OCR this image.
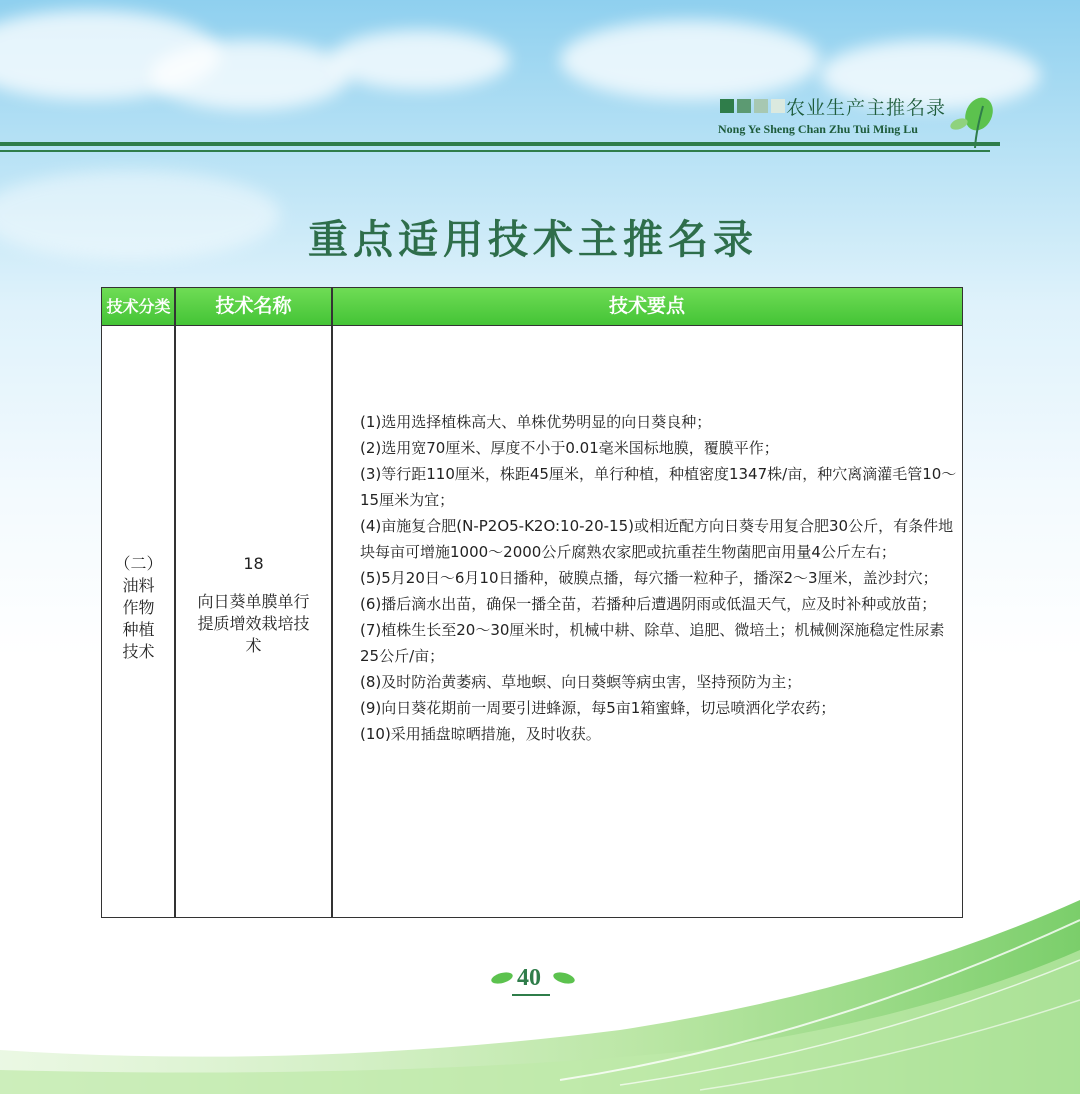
农业生产主推名录
Nong Ye Sheng Chan Zhu Tui Ming Lu
重点适用技术主推名录
技术分类	技术名称	技术要点
（二）
油料
作物
种植
技术
18
向日葵单膜单行提质增效栽培技术

(1)选用选择植株高大、单株优势明显的向日葵良种；

(2)选用宽70厘米、厚度不小于0.01毫米国标地膜，覆膜平作；

(3)等行距110厘米，株距45厘米，单行种植，种植密度1347株/亩，种穴离滴灌毛管10～15厘米为宜；

(4)亩施复合肥(N-P2O5-K2O:10-20-15)或相近配方向日葵专用复合肥30公斤，有条件地块每亩可增施1000～2000公斤腐熟农家肥或抗重茬生物菌肥亩用量4公斤左右；

(5)5月20日～6月10日播种，破膜点播，每穴播一粒种子，播深2～3厘米，盖沙封穴；

(6)播后滴水出苗，确保一播全苗，若播种后遭遇阴雨或低温天气，应及时补种或放苗；

(7)植株生长至20～30厘米时，机械中耕、除草、追肥、微培土；机械侧深施稳定性尿素25公斤/亩；

(8)及时防治黄萎病、草地螟、向日葵螟等病虫害，坚持预防为主；

(9)向日葵花期前一周要引进蜂源，每5亩1箱蜜蜂，切忌喷洒化学农药；

(10)采用插盘晾晒措施，及时收获。

40
